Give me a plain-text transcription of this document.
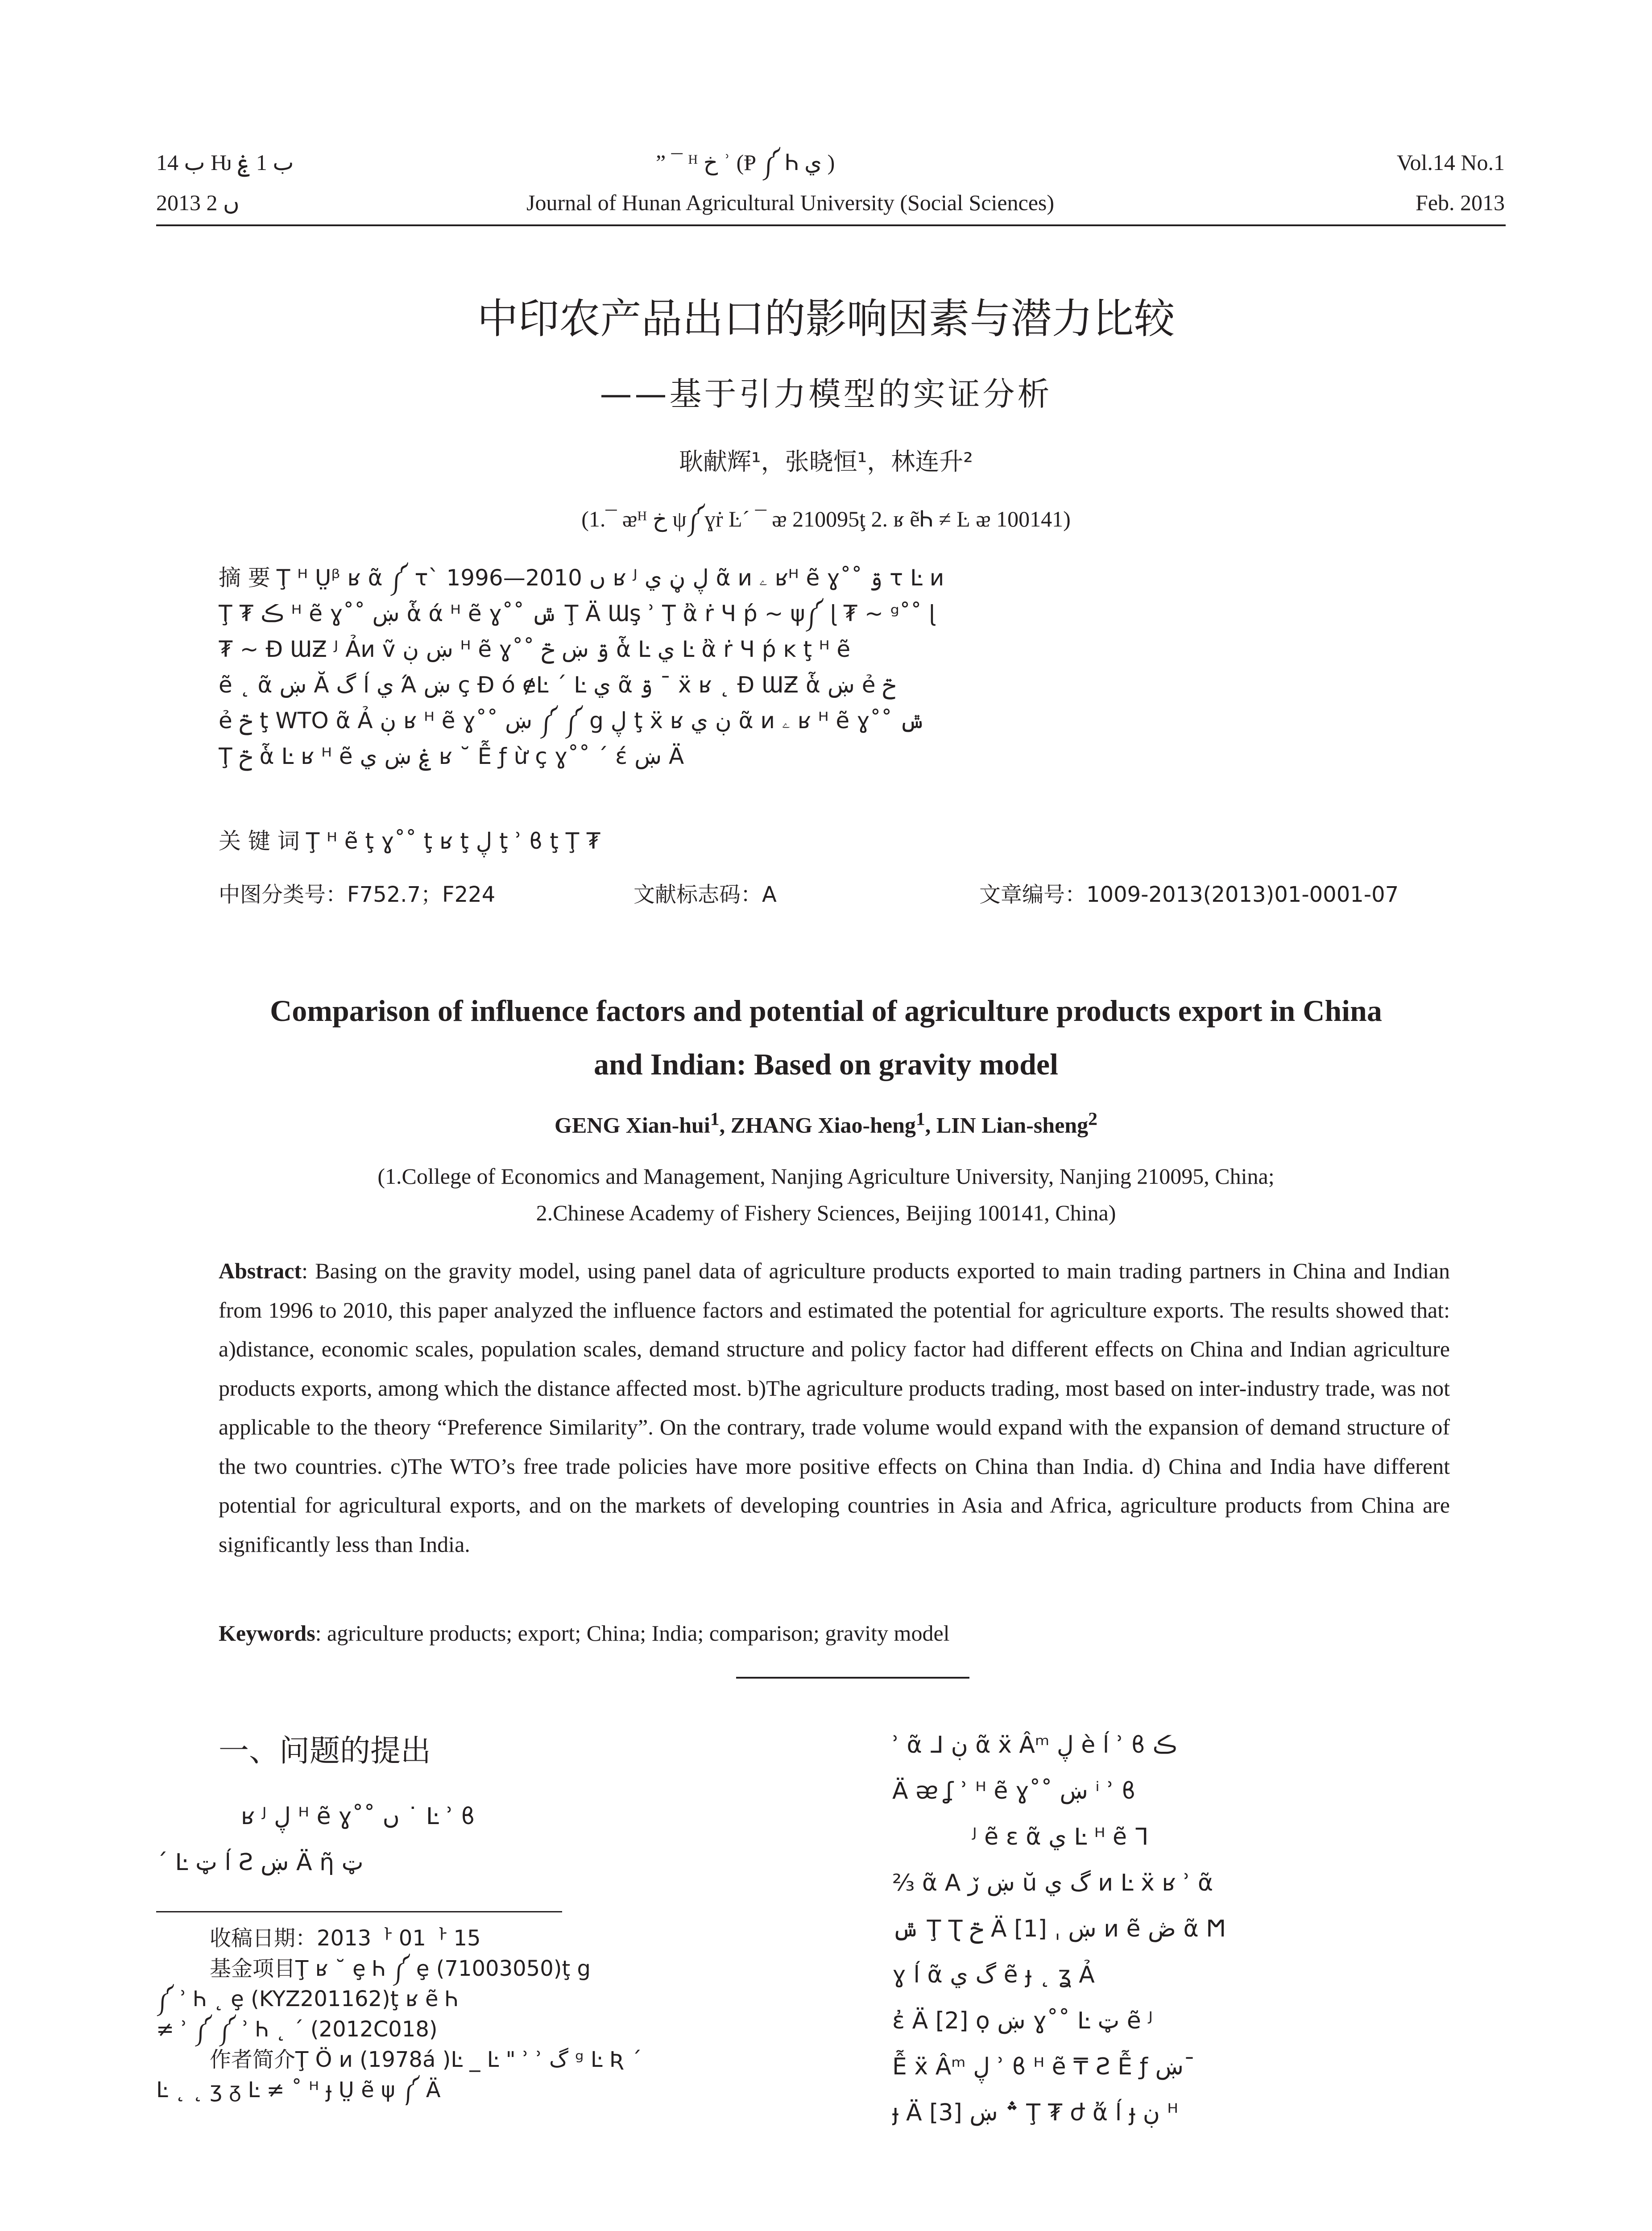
ب 14 Ƕ ب 1 ۼ
2013 ں 2
” ¯ ᴴ خ ʾ (Ᵽ ༼ Ꮒ ي )
Journal of Hunan Agricultural University (Social Sciences)
Vol.14 No.1
Feb. 2013
中印农产品出口的影响因素与潜力比较
——基于引力模型的实证分析
耿献辉¹，张晓恒¹，林连升²
(1.¯ ᴂᴴ خ ψ༼ɣṙ Ŀ´ ¯ ᴂ 210095ţ 2. ʁ ẽᏂ ≠ Ŀ ᴂ 100141)
摘 要 Ţ ᴴ Ṳᵝ ʁ ᾶ ༼ τ` 1996—2010 ں ʁ ᴶ ڸ ڼ ي ᾶ ᴎ ۦ ʁᴴ ẽ ɣ˚˚ ۊ τ Ŀ ᴎ
Ţ ₮ ڪ ᴴ ẽ ɣ˚˚ ښ ἇ ά ᴴ ẽ ɣ˚˚ ݜ Ţ Ä Ɯş ʾ Ţ ἂ ṙ Ч ṕ ~ ψ༼ ɭ ₮ ~ ᵍ˚˚ ɭ
₮ ~ Ɖ ƜƵ ᴶ Ảᴎ ṽ ښ ڹ ᴴ ẽ ɣ˚˚ ۊ ښ ݗ ἇ Ŀ ي Ŀ ἂ ṙ Ч ṕ ĸ ţ ᴴ ẽ
ẽ ˛ ᾶ ښ Ă گ ĺ ي Ά ښ ç Ɖ ό ɇĿ ´ Ŀ ي ᾶ ۊ ¯ ẍ ʁ ˛ Ɖ ƜƵ ἇ ښ ẻ ݗ
ẻ ݗ ţ WTO ᾶ Ả ڹ ʁ ᴴ ẽ ɣ˚˚ ښ ༼ ༼ ց ڸ ţ ẍ ʁ ڹ ي ᾶ ᴎ ۦ ʁ ᴴ ẽ ɣ˚˚ ݜ
Ţ ݗ ἇ Ŀ ʁ ᴴ ẽ ۼ ښ ي ʁ ˘ Ễ ƒ ừ ç ɣ˚˚ ´ έ ښ Ä
关 键 词 Ţ ᴴ ẽ ţ ɣ˚˚ ţ ʁ ţ ڸ ţ ʾ ϐ ţ Ţ ₮
中图分类号：F752.7；F224	文献标志码：A	文章编号：1009-2013(2013)01-0001-07
Comparison of influence factors and potential of agriculture products export in China and Indian: Based on gravity model
GENG Xian-hui$^1$, ZHANG Xiao-heng$^1$, LIN Lian-sheng$^2$
(1.College of Economics and Management, Nanjing Agriculture University, Nanjing 210095, China;
2.Chinese Academy of Fishery Sciences, Beijing 100141, China)
Abstract: Basing on the gravity model, using panel data of agriculture products exported to main trading partners in China and Indian from 1996 to 2010, this paper analyzed the influence factors and estimated the potential for agriculture exports. The results showed that: a)distance, economic scales, population scales, demand structure and policy factor had different effects on China and Indian agriculture products exports, among which the distance affected most. b)The agriculture products trading, most based on inter-industry trade, was not applicable to the theory “Preference Similarity”. On the contrary, trade volume would expand with the expansion of demand structure of the two countries. c)The WTO’s free trade policies have more positive effects on China than India. d) China and India have different potential for agricultural exports, and on the markets of developing countries in Asia and Africa, agriculture products from China are significantly less than India.
Keywords: agriculture products; export; China; India; comparison; gravity model
一、问题的提出
ʁ ᴶ ڸ ᴴ ẽ ɣ˚˚ ں ˙ Ŀ ʾ ϐ
´ Ŀ ټ ĺ Ƨ ښ Ä ῆ ټ
收稿日期：2013ᅡ 01ᅡ 15
基金项目Ţ ʁ ˘ ȩ Ꮒ ༼ ȩ (71003050)ţ ց
༼ ʾ Ꮒ ˛ ȩ (KYZ201162)ţ ʁ ẽ Ꮒ
≠ ʾ ༼ ༼ ʾ Ꮒ ˛ ´ (2012C018)
作者简介Ţ Ö ᴎ (1978á )Ŀ _ Ŀ " ʾ ʾ گ ᵍ Ŀ Ʀ ´
Ŀ ˛ ˛ ʒ ᵹ Ŀ ≠ ˚ ᴴ ɟ Ṳ ẽ ψ ༼ Ä
ʾ ᾶ ᒧ ڹ ᾶ ẍ Âᵐ ڸ è ĺ ʾ ϐ ڪ
Ä ᴂ ʆ ʾ ᴴ ẽ ɣ˚˚ ښ ⁱ ʾ ϐ
ᴶ ẽ ɛ ᾶ ي Ŀ ᴴ ẽ ᒣ
⅔ ᾶ A ښ ڒ ŭ گ ي ᴎ Ŀ ẍ ʁ ʾ ᾶ
ݜ Ţ Ʈ ݗ Ä [1] ˌ ښ ᴎ ẽ ڞ ᾶ Ϻ
ɣ ĺ ᾶ گ ي ẽ ɟ ˛ ʓ Ả
ἐ Ä [2] ọ ښ ɣ˚˚ Ŀ ټ ẽ ᴶ
Ễ ẍ Âᵐ ڸ ʾ ϐ ᴴ ẽ ₸ Ƨ Ễ ƒ ښ¯
ɟ Ä [3] ؞ ښ Ţ ₮ ժ ἄ ĺ ɟ ڹ ᴴ
